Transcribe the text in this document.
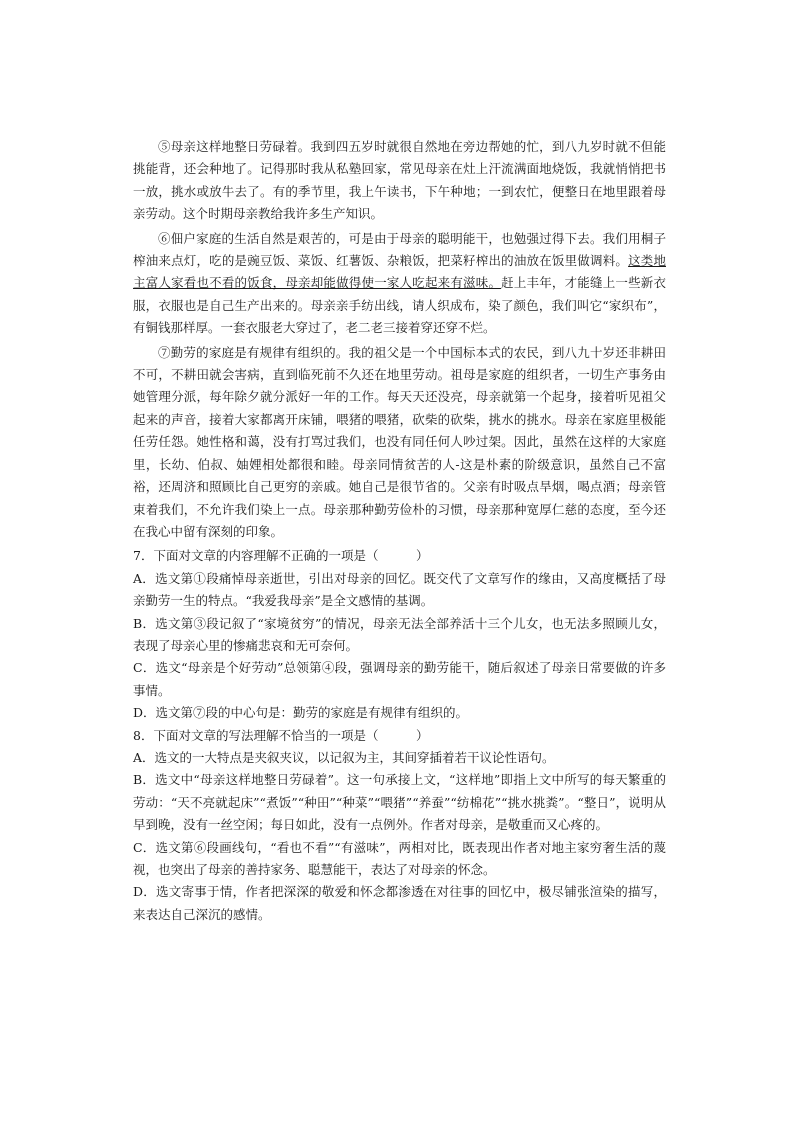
⑤母亲这样地整日劳碌着。我到四五岁时就很自然地在旁边帮她的忙，到八九岁时就不但能挑能背，还会种地了。记得那时我从私塾回家，常见母亲在灶上汗流满面地烧饭，我就悄悄把书一放，挑水或放牛去了。有的季节里，我上午读书，下午种地；一到农忙，便整日在地里跟着母亲劳动。这个时期母亲教给我许多生产知识。

⑥佃户家庭的生活自然是艰苦的，可是由于母亲的聪明能干，也勉强过得下去。我们用桐子榨油来点灯，吃的是豌豆饭、菜饭、红薯饭、杂粮饭，把菜籽榨出的油放在饭里做调料。这类地主富人家看也不看的饭食，母亲却能做得使一家人吃起来有滋味。赶上丰年，才能缝上一些新衣服，衣服也是自己生产出来的。母亲亲手纺出线，请人织成布，染了颜色，我们叫它“家织布”，有铜钱那样厚。一套衣服老大穿过了，老二老三接着穿还穿不烂。

⑦勤劳的家庭是有规律有组织的。我的祖父是一个中国标本式的农民，到八九十岁还非耕田不可，不耕田就会害病，直到临死前不久还在地里劳动。祖母是家庭的组织者，一切生产事务由她管理分派，每年除夕就分派好一年的工作。每天天还没亮，母亲就第一个起身，接着听见祖父起来的声音，接着大家都离开床铺，喂猪的喂猪，砍柴的砍柴，挑水的挑水。母亲在家庭里极能任劳任怨。她性格和蔼，没有打骂过我们，也没有同任何人吵过架。因此，虽然在这样的大家庭里，长幼、伯叔、妯娌相处都很和睦。母亲同情贫苦的人-这是朴素的阶级意识，虽然自己不富裕，还周济和照顾比自己更穷的亲戚。她自己是很节省的。父亲有时吸点旱烟，喝点酒；母亲管束着我们，不允许我们染上一点。母亲那种勤劳俭朴的习惯，母亲那种宽厚仁慈的态度，至今还在我心中留有深刻的印象。

7．下面对文章的内容理解不正确的一项是（　　　）

A．选文第①段痛悼母亲逝世，引出对母亲的回忆。既交代了文章写作的缘由，又高度概括了母亲勤劳一生的特点。“我爱我母亲”是全文感情的基调。

B．选文第③段记叙了“家境贫穷”的情况，母亲无法全部养活十三个儿女，也无法多照顾儿女，表现了母亲心里的惨痛悲哀和无可奈何。

C．选文“母亲是个好劳动”总领第④段，强调母亲的勤劳能干，随后叙述了母亲日常要做的许多事情。

D．选文第⑦段的中心句是：勤劳的家庭是有规律有组织的。

8．下面对文章的写法理解不恰当的一项是（　　　）

A．选文的一大特点是夹叙夹议，以记叙为主，其间穿插着若干议论性语句。

B．选文中“母亲这样地整日劳碌着”。这一句承接上文，“这样地”即指上文中所写的每天繁重的劳动：“天不亮就起床”“煮饭”“种田”“种菜”“喂猪”“养蚕”“纺棉花”“挑水挑粪”。“整日”，说明从早到晚，没有一丝空闲；每日如此，没有一点例外。作者对母亲，是敬重而又心疼的。

C．选文第⑥段画线句，“看也不看”“有滋味”，两相对比，既表现出作者对地主家穷奢生活的蔑视，也突出了母亲的善持家务、聪慧能干，表达了对母亲的怀念。

D．选文寄事于情，作者把深深的敬爱和怀念都渗透在对往事的回忆中，极尽铺张渲染的描写，来表达自己深沉的感情。
